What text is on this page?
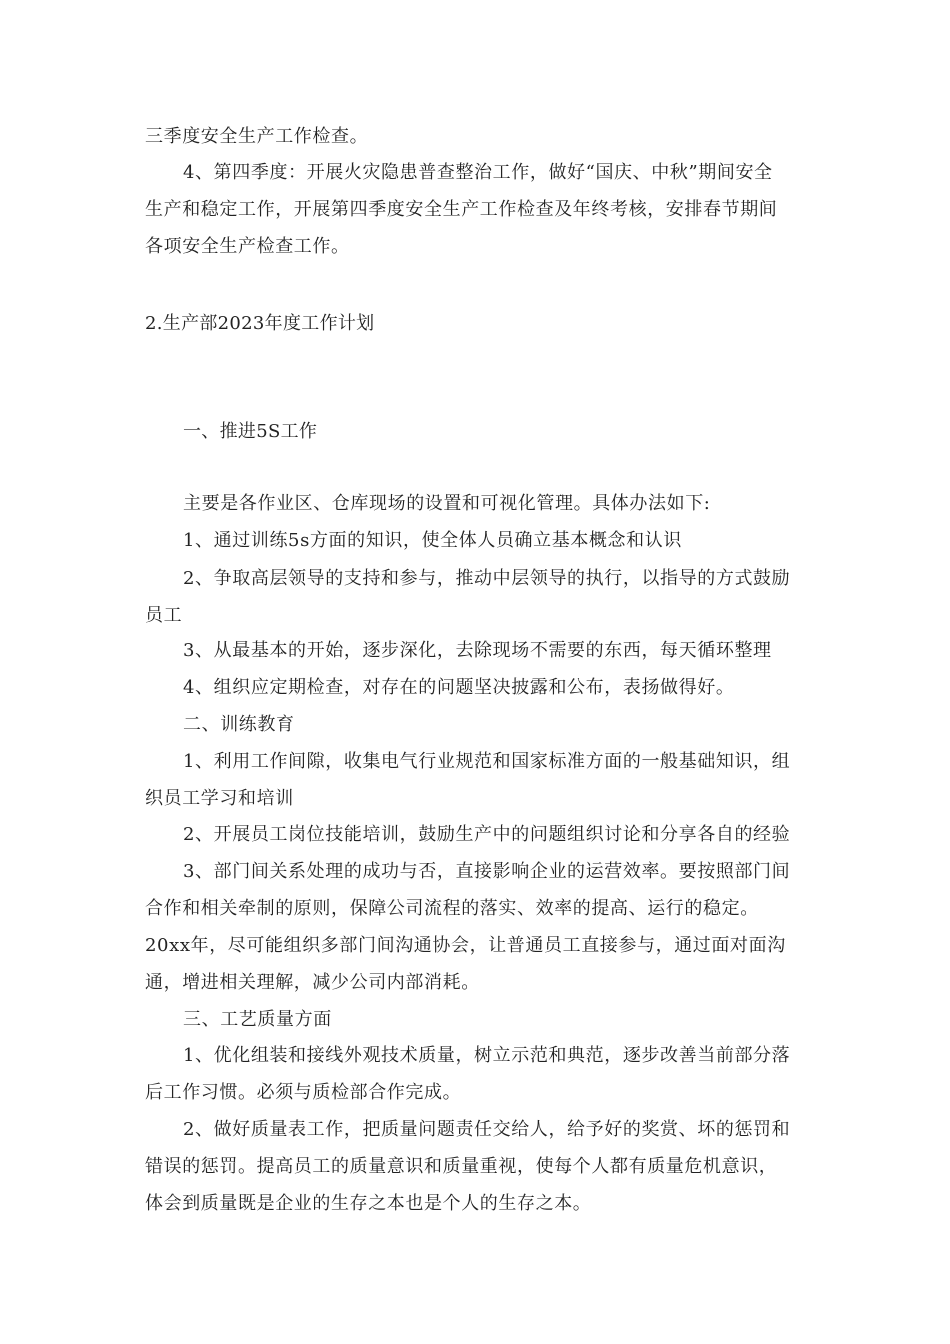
三季度安全生产工作检查。
4、第四季度：开展火灾隐患普查整治工作，做好“国庆、中秋”期间安全
生产和稳定工作，开展第四季度安全生产工作检查及年终考核，安排春节期间
各项安全生产检查工作。
2.生产部2023年度工作计划
一、推进5S工作
主要是各作业区、仓库现场的设置和可视化管理。具体办法如下:
1、通过训练5s方面的知识，使全体人员确立基本概念和认识
2、争取高层领导的支持和参与，推动中层领导的执行，以指导的方式鼓励
员工
3、从最基本的开始，逐步深化，去除现场不需要的东西，每天循环整理
4、组织应定期检查，对存在的问题坚决披露和公布，表扬做得好。
二、训练教育
1、利用工作间隙，收集电气行业规范和国家标准方面的一般基础知识，组
织员工学习和培训
2、开展员工岗位技能培训，鼓励生产中的问题组织讨论和分享各自的经验
3、部门间关系处理的成功与否，直接影响企业的运营效率。要按照部门间
合作和相关牵制的原则，保障公司流程的落实、效率的提高、运行的稳定。
20xx年，尽可能组织多部门间沟通协会，让普通员工直接参与，通过面对面沟
通，增进相关理解，减少公司内部消耗。
三、工艺质量方面
1、优化组装和接线外观技术质量，树立示范和典范，逐步改善当前部分落
后工作习惯。必须与质检部合作完成。
2、做好质量表工作，把质量问题责任交给人，给予好的奖赏、坏的惩罚和
错误的惩罚。提高员工的质量意识和质量重视，使每个人都有质量危机意识，
体会到质量既是企业的生存之本也是个人的生存之本。
